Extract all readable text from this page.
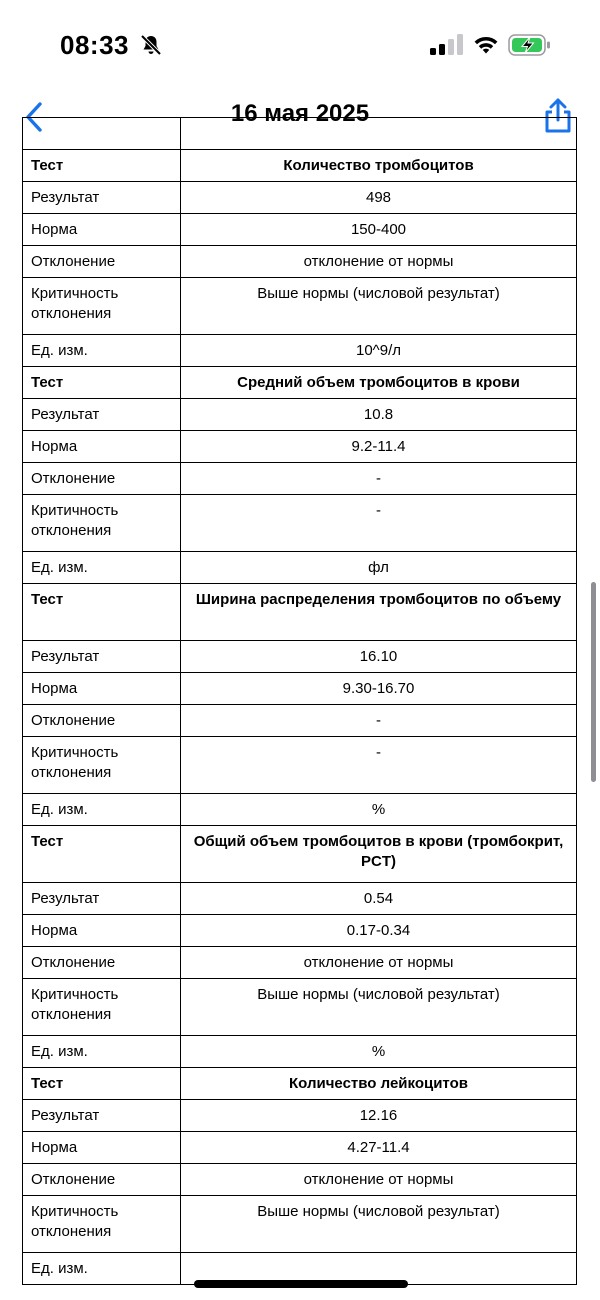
08:33
16 мая 2025

Тест	Количество тромбоцитов
Результат	498
Норма	150-400
Отклонение	отклонение от нормы
Критичность отклонения	Выше нормы (числовой результат)
Ед. изм.	10^9/л
Тест	Средний объем тромбоцитов в крови
Результат	10.8
Норма	9.2-11.4
Отклонение	-
Критичность отклонения	-
Ед. изм.	фл
Тест	Ширина распределения тромбоцитов по объему
Результат	16.10
Норма	9.30-16.70
Отклонение	-
Критичность отклонения	-
Ед. изм.	%
Тест	Общий объем тромбоцитов в крови (тромбокрит, PCT)
Результат	0.54
Норма	0.17-0.34
Отклонение	отклонение от нормы
Критичность отклонения	Выше нормы (числовой результат)
Ед. изм.	%
Тест	Количество лейкоцитов
Результат	12.16
Норма	4.27-11.4
Отклонение	отклонение от нормы
Критичность отклонения	Выше нормы (числовой результат)
Ед. изм.	
